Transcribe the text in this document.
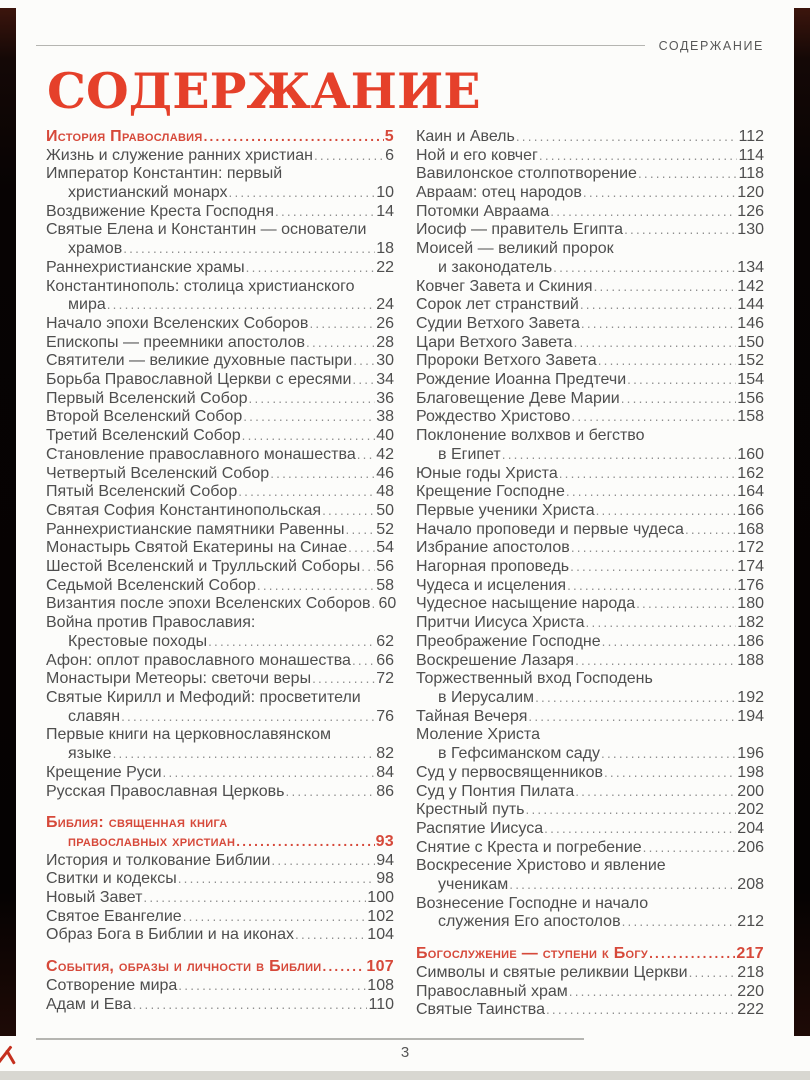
СОДЕРЖАНИЕ
СОДЕРЖАНИЕ
История Православия .....	5
Жизнь и служение ранних христиан .....	6
Император Константин: первый
христианский монарх .....	10
Воздвижение Креста Господня .....	14
Святые Елена и Константин — основатели
храмов .....	18
Раннехристианские храмы .....	22
Константинополь: столица христианского
мира .....	24
Начало эпохи Вселенских Соборов .....	26
Епископы — преемники апостолов .....	28
Святители — великие духовные пастыри ..... 30
Борьба Православной Церкви с ересями ..... 34
Первый Вселенский Собор .....	36
Второй Вселенский Собор .....	38
Третий Вселенский Собор .....	40
Становление православного монашества ..... 42
Четвертый Вселенский Собор .....	46
Пятый Вселенский Собор .....	48
Святая София Константинопольская .....	50
Раннехристианские памятники Равенны ..... 52
Монастырь Святой Екатерины на Синае ..... 54
Шестой Вселенский и Трулльский Соборы ..... 56
Седьмой Вселенский Собор .....	58
Византия после эпохи Вселенских Соборов ..... 60
Война против Православия:
Крестовые походы .....	62
Афон: оплот православного монашества ..... 66
Монастыри Метеоры: светочи веры .....	72
Святые Кирилл и Мефодий: просветители
славян .....	76
Первые книги на церковнославянском
языке .....	82
Крещение Руси .....	84
Русская Православная Церковь .....	86
Библия: священная книга
православных христиан .....	93
История и толкование Библии .....	94
Свитки и кодексы .....	98
Новый Завет .....	100
Святое Евангелие .....	102
Образ Бога в Библии и на иконах .....	104
События, образы и личности в Библии .....	107
Сотворение мира .....	108
Адам и Ева .....	110
Каин и Авель .....	112
Ной и его ковчег .....	114
Вавилонское столпотворение .....	118
Авраам: отец народов .....	120
Потомки Авраама .....	126
Иосиф — правитель Египта .....	130
Моисей — великий пророк
и законодатель .....	134
Ковчег Завета и Скиния .....	142
Сорок лет странствий .....	144
Судии Ветхого Завета .....	146
Цари Ветхого Завета .....	150
Пророки Ветхого Завета .....	152
Рождение Иоанна Предтечи .....	154
Благовещение Деве Марии .....	156
Рождество Христово .....	158
Поклонение волхвов и бегство
в Египет .....	160
Юные годы Христа .....	162
Крещение Господне .....	164
Первые ученики Христа .....	166
Начало проповеди и первые чудеса .....	168
Избрание апостолов .....	172
Нагорная проповедь .....	174
Чудеса и исцеления .....	176
Чудесное насыщение народа .....	180
Притчи Иисуса Христа .....	182
Преображение Господне .....	186
Воскрешение Лазаря .....	188
Торжественный вход Господень
в Иерусалим .....	192
Тайная Вечеря .....	194
Моление Христа
в Гефсиманском саду .....	196
Суд у первосвященников .....	198
Суд у Понтия Пилата .....	200
Крестный путь .....	202
Распятие Иисуса .....	204
Снятие с Креста и погребение .....	206
Воскресение Христово и явление
ученикам .....	208
Вознесение Господне и начало
служения Его апостолов .....	212
Богослужение — ступени к Богу .....	217
Символы и святые реликвии Церкви .....	218
Православный храм .....	220
Святые Таинства .....	222
3
